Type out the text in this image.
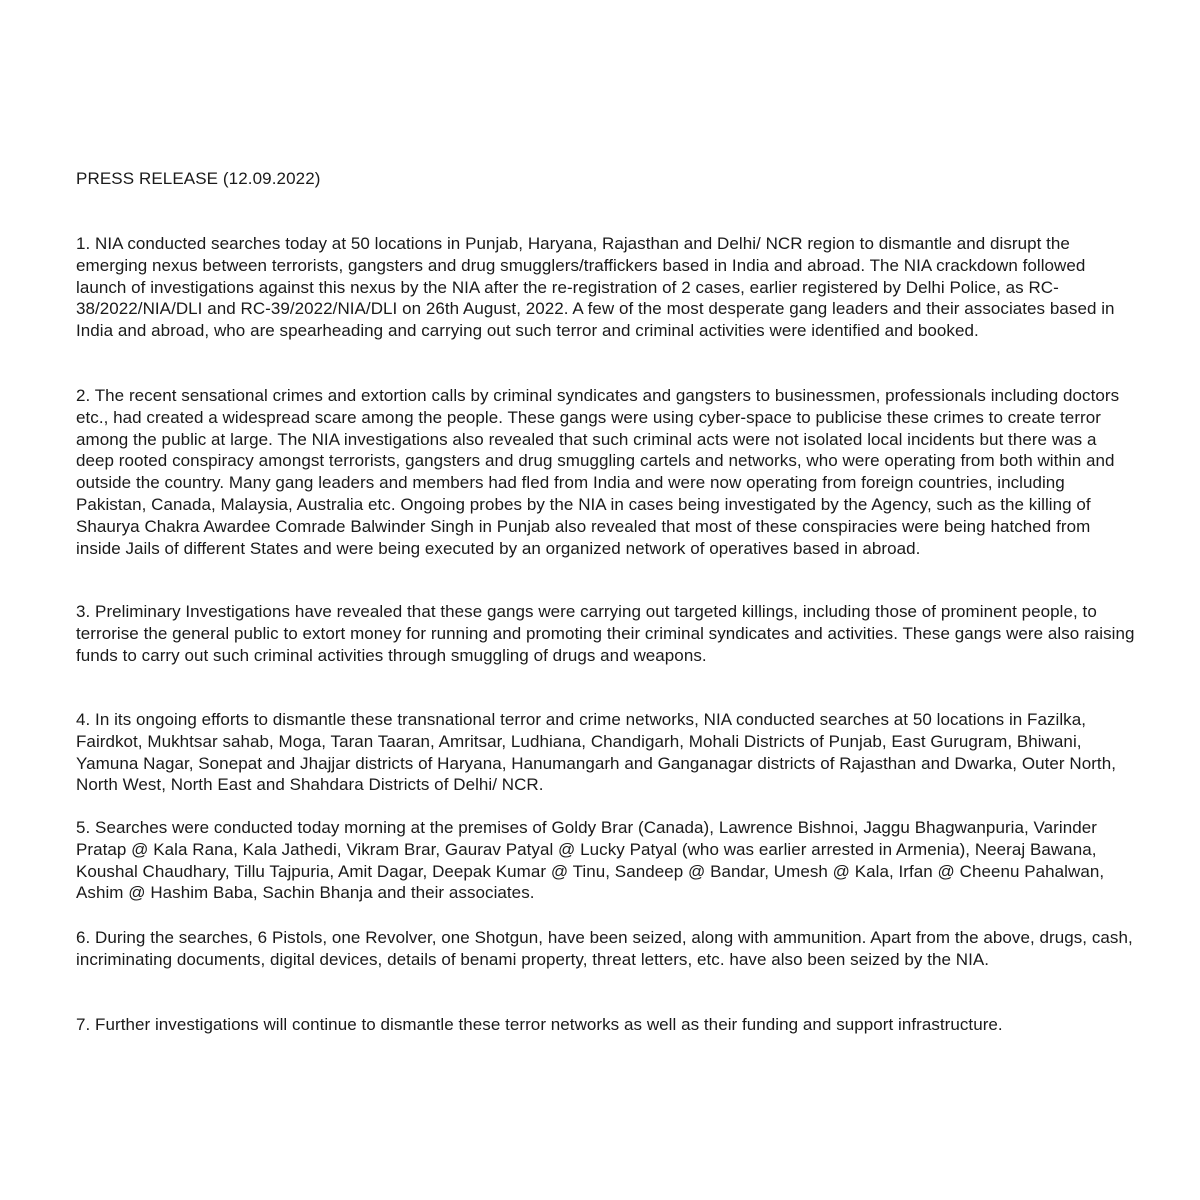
PRESS RELEASE (12.09.2022)

1. NIA conducted searches today at 50 locations in Punjab, Haryana, Rajasthan and Delhi/ NCR region to dismantle and disrupt the emerging nexus between terrorists, gangsters and drug smugglers/traffickers based in India and abroad. The NIA crackdown followed launch of investigations against this nexus by the NIA after the re-registration of 2 cases, earlier registered by Delhi Police, as RC-38/2022/NIA/DLI and RC-39/2022/NIA/DLI on 26th August, 2022. A few of the most desperate gang leaders and their associates based in India and abroad, who are spearheading and carrying out such terror and criminal activities were identified and booked.

2. The recent sensational crimes and extortion calls by criminal syndicates and gangsters to businessmen, professionals including doctors etc., had created a widespread scare among the people. These gangs were using cyber-space to publicise these crimes to create terror among the public at large. The NIA investigations also revealed that such criminal acts were not isolated local incidents but there was a deep rooted conspiracy amongst terrorists, gangsters and drug smuggling cartels and networks, who were operating from both within and outside the country. Many gang leaders and members had fled from India and were now operating from foreign countries, including Pakistan, Canada, Malaysia, Australia etc. Ongoing probes by the NIA in cases being investigated by the Agency, such as the killing of Shaurya Chakra Awardee Comrade Balwinder Singh in Punjab also revealed that most of these conspiracies were being hatched from inside Jails of different States and were being executed by an organized network of operatives based in abroad.

3. Preliminary Investigations have revealed that these gangs were carrying out targeted killings, including those of prominent people, to terrorise the general public to extort money for running and promoting their criminal syndicates and activities. These gangs were also raising funds to carry out such criminal activities through smuggling of drugs and weapons.

4. In its ongoing efforts to dismantle these transnational terror and crime networks, NIA conducted searches at 50 locations in Fazilka, Fairdkot, Mukhtsar sahab, Moga, Taran Taaran, Amritsar, Ludhiana, Chandigarh, Mohali Districts of Punjab, East Gurugram, Bhiwani, Yamuna Nagar, Sonepat and Jhajjar districts of Haryana, Hanumangarh and Ganganagar districts of Rajasthan and Dwarka, Outer North, North West, North East and Shahdara Districts of Delhi/ NCR.

5. Searches were conducted today morning at the premises of Goldy Brar (Canada), Lawrence Bishnoi, Jaggu Bhagwanpuria, Varinder Pratap @ Kala Rana, Kala Jathedi, Vikram Brar, Gaurav Patyal @ Lucky Patyal (who was earlier arrested in Armenia), Neeraj Bawana, Koushal Chaudhary, Tillu Tajpuria, Amit Dagar, Deepak Kumar @ Tinu, Sandeep @ Bandar, Umesh @ Kala, Irfan @ Cheenu Pahalwan, Ashim @ Hashim Baba, Sachin Bhanja and their associates.

6. During the searches, 6 Pistols, one Revolver, one Shotgun, have been seized, along with ammunition. Apart from the above, drugs, cash, incriminating documents, digital devices, details of benami property, threat letters, etc. have also been seized by the NIA.

7. Further investigations will continue to dismantle these terror networks as well as their funding and support infrastructure.
